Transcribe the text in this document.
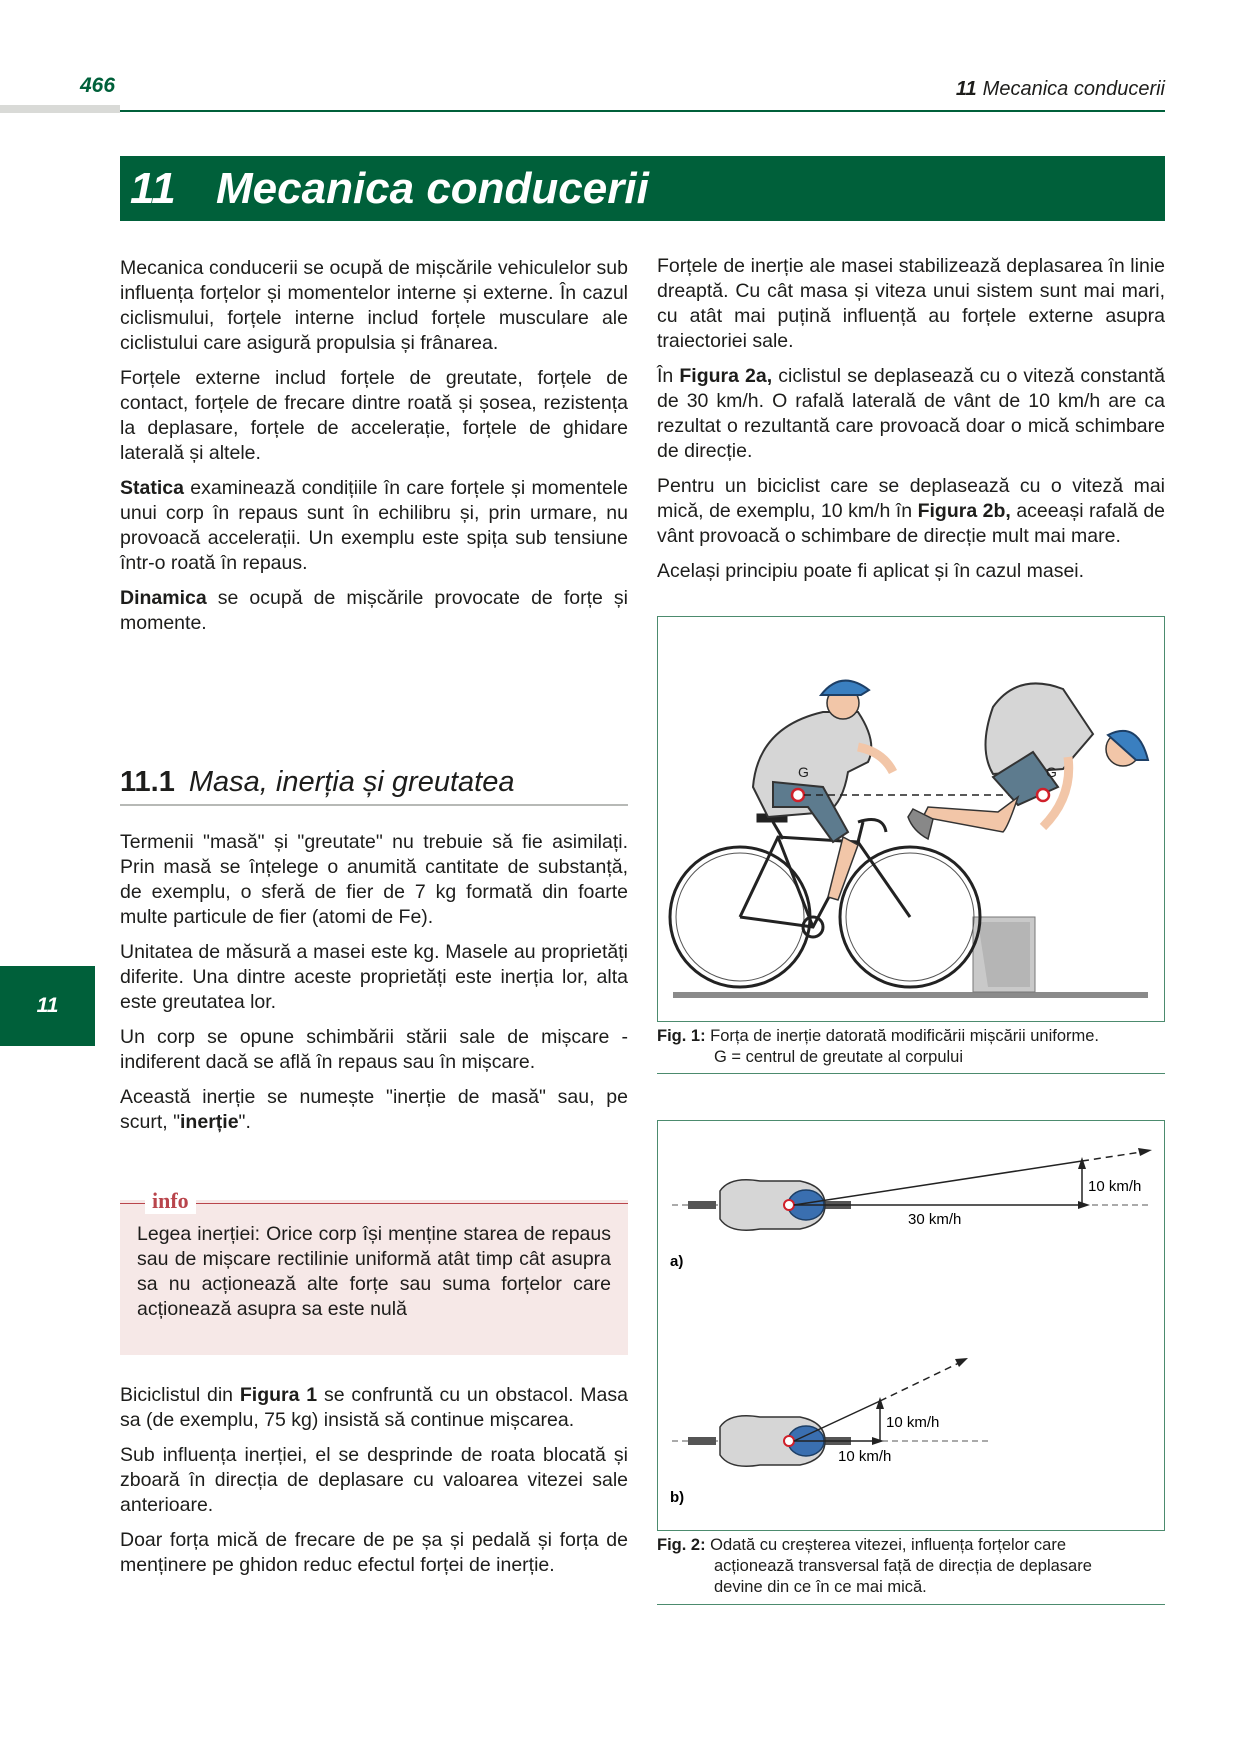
466	11 Mecanica conducerii
11 Mecanica conducerii
11

Mecanica conducerii se ocupă de mișcările vehiculelor sub influența forțelor și momentelor interne și externe. În cazul ciclismului, forțele interne includ forțele musculare ale ciclistului care asigură propulsia și frânarea.

Forțele externe includ forțele de greutate, forțele de contact, forțele de frecare dintre roată și șosea, rezistența la deplasare, forțele de accelerație, forțele de ghidare laterală și altele.

Statica examinează condițiile în care forțele și momentele unui corp în repaus sunt în echilibru și, prin urmare, nu provoacă accelerații. Un exemplu este spița sub tensiune într-o roată în repaus.

Dinamica se ocupă de mișcările provocate de forțe și momente.

11.1 Masa, inerția și greutatea

Termenii "masă" și "greutate" nu trebuie să fie asimilați. Prin masă se înțelege o anumită cantitate de substanță, de exemplu, o sferă de fier de 7 kg formată din foarte multe particule de fier (atomi de Fe).

Unitatea de măsură a masei este kg. Masele au proprietăți diferite. Una dintre aceste proprietăți este inerția lor, alta este greutatea lor.

Un corp se opune schimbării stării sale de mișcare - indiferent dacă se află în repaus sau în mișcare.

Această inerție se numește "inerție de masă" sau, pe scurt, "inerție".

info
Legea inerției: Orice corp își menține starea de repaus sau de mișcare rectilinie uniformă atât timp cât asupra sa nu acționează alte forțe sau suma forțelor care acționează asupra sa este nulă

Biciclistul din Figura 1 se confruntă cu un obstacol. Masa sa (de exemplu, 75 kg) insistă să continue mișcarea.

Sub influența inerției, el se desprinde de roata blocată și zboară în direcția de deplasare cu valoarea vitezei sale anterioare.

Doar forța mică de frecare de pe șa și pedală și forța de menținere pe ghidon reduc efectul forței de inerție.

Forțele de inerție ale masei stabilizează deplasarea în linie dreaptă. Cu cât masa și viteza unui sistem sunt mai mari, cu atât mai puțină influență au forțele externe asupra traiectoriei sale.

În Figura 2a, ciclistul se deplasează cu o viteză constantă de 30 km/h. O rafală laterală de vânt de 10 km/h are ca rezultat o rezultantă care provoacă doar o mică schimbare de direcție.

Pentru un biciclist care se deplasează cu o viteză mai mică, de exemplu, 10 km/h în Figura 2b, aceeași rafală de vânt provoacă o schimbare de direcție mult mai mare.

Același principiu poate fi aplicat și în cazul masei.

G	G
Fig. 1: Forța de inerție datorată modificării mișcării uniforme.
G = centrul de greutate al corpului
30 km/h
10 km/h
a)
10 km/h
10 km/h
b)
Fig. 2: Odată cu creșterea vitezei, influența forțelor care
acționează transversal față de direcția de deplasare
devine din ce în ce mai mică.
